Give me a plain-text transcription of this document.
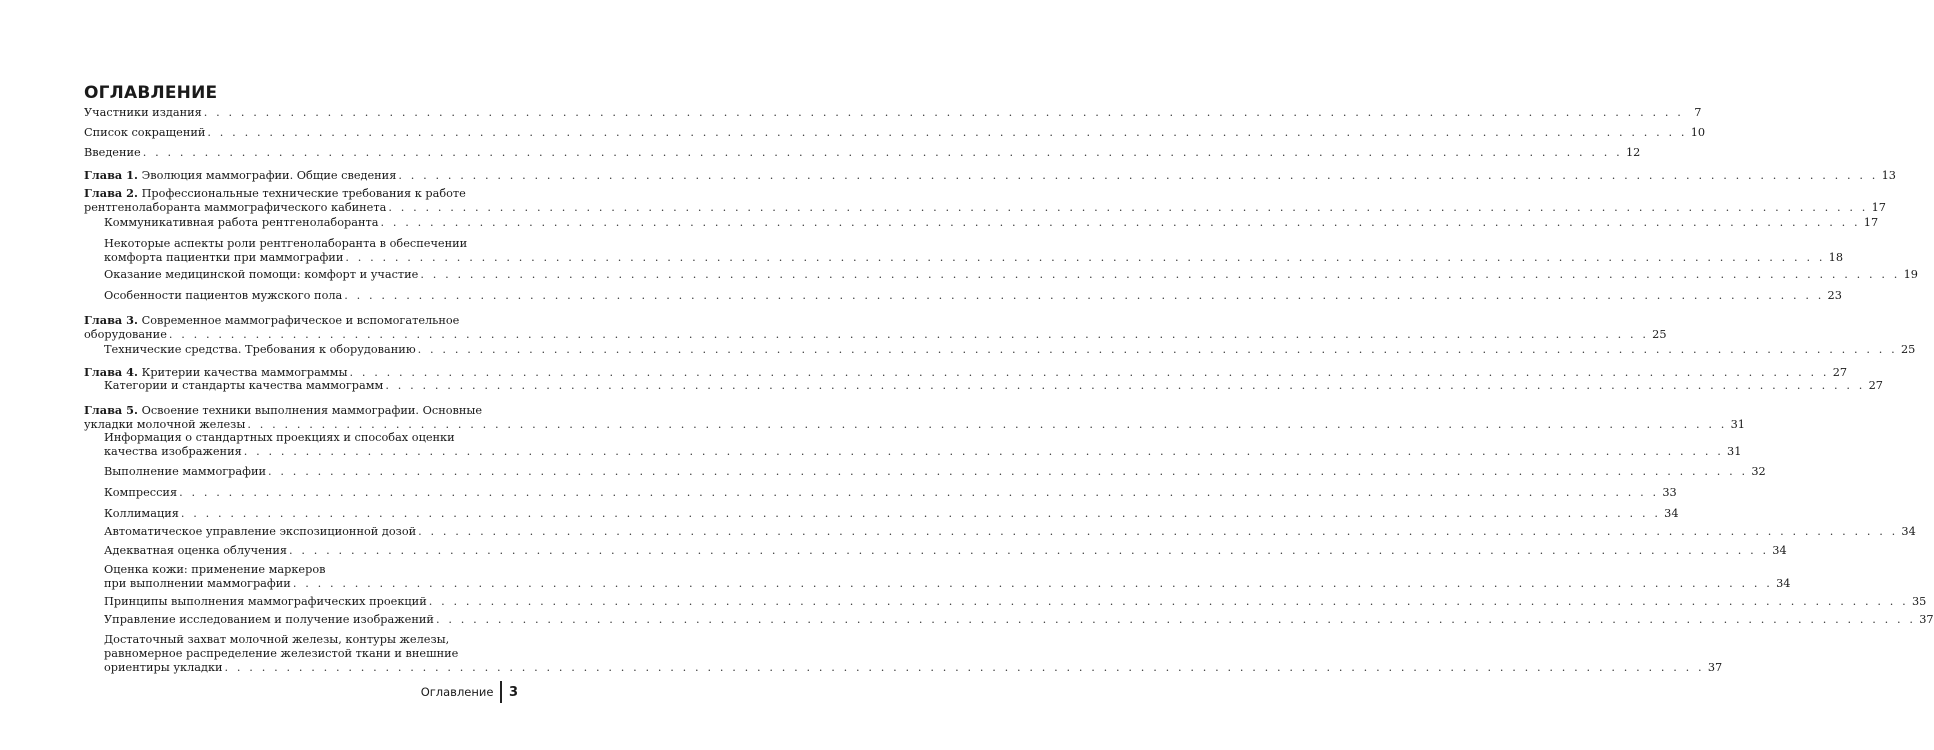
ОГЛАВЛЕНИЕ
Участники издания . . . . . . . . . . . . . . . . . . . . . . . . . . . . . . . . . . . . . . . . . . . . . . . . . . . . . . . . . . . . . . . . . . . . . . . . . . . . . . . . . . . . . . . . . . . . . . . . . . . . . . . . . . . . . . . . . . . . . . . . 7
Список сокращений . . . . . . . . . . . . . . . . . . . . . . . . . . . . . . . . . . . . . . . . . . . . . . . . . . . . . . . . . . . . . . . . . . . . . . . . . . . . . . . . . . . . . . . . . . . . . . . . . . . . . . . . . . . . . . . . . . . . . . . . 10
Введение . . . . . . . . . . . . . . . . . . . . . . . . . . . . . . . . . . . . . . . . . . . . . . . . . . . . . . . . . . . . . . . . . . . . . . . . . . . . . . . . . . . . . . . . . . . . . . . . . . . . . . . . . . . . . . . . . . . . . . . . 12
Глава 1. Эволюция маммографии. Общие сведения . . . . . . . . . . . . . . . . . . . . . . . . . . . . . . . . . . . . . . . . . . . . . . . . . . . . . . . . . . . . . . . . . . . . . . . . . . . . . . . . . . . . . . . . . . . . . . . . . . . . . . . . . . . . . . . . . . . . . . . . 13
Глава 2. Профессиональные технические требования к работе
рентгенолаборанта маммографического кабинета . . . . . . . . . . . . . . . . . . . . . . . . . . . . . . . . . . . . . . . . . . . . . . . . . . . . . . . . . . . . . . . . . . . . . . . . . . . . . . . . . . . . . . . . . . . . . . . . . . . . . . . . . . . . . . . . . . . . . . . . 17
Коммуникативная работа рентгенолаборанта . . . . . . . . . . . . . . . . . . . . . . . . . . . . . . . . . . . . . . . . . . . . . . . . . . . . . . . . . . . . . . . . . . . . . . . . . . . . . . . . . . . . . . . . . . . . . . . . . . . . . . . . . . . . . . . . . . . . . . . . 17
Некоторые аспекты роли рентгенолаборанта в обеспечении
комфорта пациентки при маммографии . . . . . . . . . . . . . . . . . . . . . . . . . . . . . . . . . . . . . . . . . . . . . . . . . . . . . . . . . . . . . . . . . . . . . . . . . . . . . . . . . . . . . . . . . . . . . . . . . . . . . . . . . . . . . . . . . . . . . . . . 18
Оказание медицинской помощи: комфорт и участие . . . . . . . . . . . . . . . . . . . . . . . . . . . . . . . . . . . . . . . . . . . . . . . . . . . . . . . . . . . . . . . . . . . . . . . . . . . . . . . . . . . . . . . . . . . . . . . . . . . . . . . . . . . . . . . . . . . . . . . . 19
Особенности пациентов мужского пола . . . . . . . . . . . . . . . . . . . . . . . . . . . . . . . . . . . . . . . . . . . . . . . . . . . . . . . . . . . . . . . . . . . . . . . . . . . . . . . . . . . . . . . . . . . . . . . . . . . . . . . . . . . . . . . . . . . . . . . . 23
Глава 3. Современное маммографическое и вспомогательное
оборудование . . . . . . . . . . . . . . . . . . . . . . . . . . . . . . . . . . . . . . . . . . . . . . . . . . . . . . . . . . . . . . . . . . . . . . . . . . . . . . . . . . . . . . . . . . . . . . . . . . . . . . . . . . . . . . . . . . . . . . . . 25
Технические средства. Требования к оборудованию . . . . . . . . . . . . . . . . . . . . . . . . . . . . . . . . . . . . . . . . . . . . . . . . . . . . . . . . . . . . . . . . . . . . . . . . . . . . . . . . . . . . . . . . . . . . . . . . . . . . . . . . . . . . . . . . . . . . . . . . 25
Глава 4. Критерии качества маммограммы . . . . . . . . . . . . . . . . . . . . . . . . . . . . . . . . . . . . . . . . . . . . . . . . . . . . . . . . . . . . . . . . . . . . . . . . . . . . . . . . . . . . . . . . . . . . . . . . . . . . . . . . . . . . . . . . . . . . . . . . 27
Категории и стандарты качества маммограмм . . . . . . . . . . . . . . . . . . . . . . . . . . . . . . . . . . . . . . . . . . . . . . . . . . . . . . . . . . . . . . . . . . . . . . . . . . . . . . . . . . . . . . . . . . . . . . . . . . . . . . . . . . . . . . . . . . . . . . . . 27
Глава 5. Освоение техники выполнения маммографии. Основные
укладки молочной железы . . . . . . . . . . . . . . . . . . . . . . . . . . . . . . . . . . . . . . . . . . . . . . . . . . . . . . . . . . . . . . . . . . . . . . . . . . . . . . . . . . . . . . . . . . . . . . . . . . . . . . . . . . . . . . . . . . . . . . . . 31
Информация о стандартных проекциях и способах оценки
качества изображения . . . . . . . . . . . . . . . . . . . . . . . . . . . . . . . . . . . . . . . . . . . . . . . . . . . . . . . . . . . . . . . . . . . . . . . . . . . . . . . . . . . . . . . . . . . . . . . . . . . . . . . . . . . . . . . . . . . . . . . . 31
Выполнение маммографии . . . . . . . . . . . . . . . . . . . . . . . . . . . . . . . . . . . . . . . . . . . . . . . . . . . . . . . . . . . . . . . . . . . . . . . . . . . . . . . . . . . . . . . . . . . . . . . . . . . . . . . . . . . . . . . . . . . . . . . . 32
Компрессия . . . . . . . . . . . . . . . . . . . . . . . . . . . . . . . . . . . . . . . . . . . . . . . . . . . . . . . . . . . . . . . . . . . . . . . . . . . . . . . . . . . . . . . . . . . . . . . . . . . . . . . . . . . . . . . . . . . . . . . . 33
Коллимация . . . . . . . . . . . . . . . . . . . . . . . . . . . . . . . . . . . . . . . . . . . . . . . . . . . . . . . . . . . . . . . . . . . . . . . . . . . . . . . . . . . . . . . . . . . . . . . . . . . . . . . . . . . . . . . . . . . . . . . . 34
Автоматическое управление экспозиционной дозой . . . . . . . . . . . . . . . . . . . . . . . . . . . . . . . . . . . . . . . . . . . . . . . . . . . . . . . . . . . . . . . . . . . . . . . . . . . . . . . . . . . . . . . . . . . . . . . . . . . . . . . . . . . . . . . . . . . . . . . . 34
Адекватная оценка облучения . . . . . . . . . . . . . . . . . . . . . . . . . . . . . . . . . . . . . . . . . . . . . . . . . . . . . . . . . . . . . . . . . . . . . . . . . . . . . . . . . . . . . . . . . . . . . . . . . . . . . . . . . . . . . . . . . . . . . . . . 34
Оценка кожи: применение маркеров
при выполнении маммографии . . . . . . . . . . . . . . . . . . . . . . . . . . . . . . . . . . . . . . . . . . . . . . . . . . . . . . . . . . . . . . . . . . . . . . . . . . . . . . . . . . . . . . . . . . . . . . . . . . . . . . . . . . . . . . . . . . . . . . . . 34
Принципы выполнения маммографических проекций . . . . . . . . . . . . . . . . . . . . . . . . . . . . . . . . . . . . . . . . . . . . . . . . . . . . . . . . . . . . . . . . . . . . . . . . . . . . . . . . . . . . . . . . . . . . . . . . . . . . . . . . . . . . . . . . . . . . . . . . 35
Управление исследованием и получение изображений . . . . . . . . . . . . . . . . . . . . . . . . . . . . . . . . . . . . . . . . . . . . . . . . . . . . . . . . . . . . . . . . . . . . . . . . . . . . . . . . . . . . . . . . . . . . . . . . . . . . . . . . . . . . . . . . . . . . . . . . 37
Достаточный захват молочной железы, контуры железы,
равномерное распределение железистой ткани и внешние
ориентиры укладки . . . . . . . . . . . . . . . . . . . . . . . . . . . . . . . . . . . . . . . . . . . . . . . . . . . . . . . . . . . . . . . . . . . . . . . . . . . . . . . . . . . . . . . . . . . . . . . . . . . . . . . . . . . . . . . . . . . . . . . . 37
Оглавление 3
